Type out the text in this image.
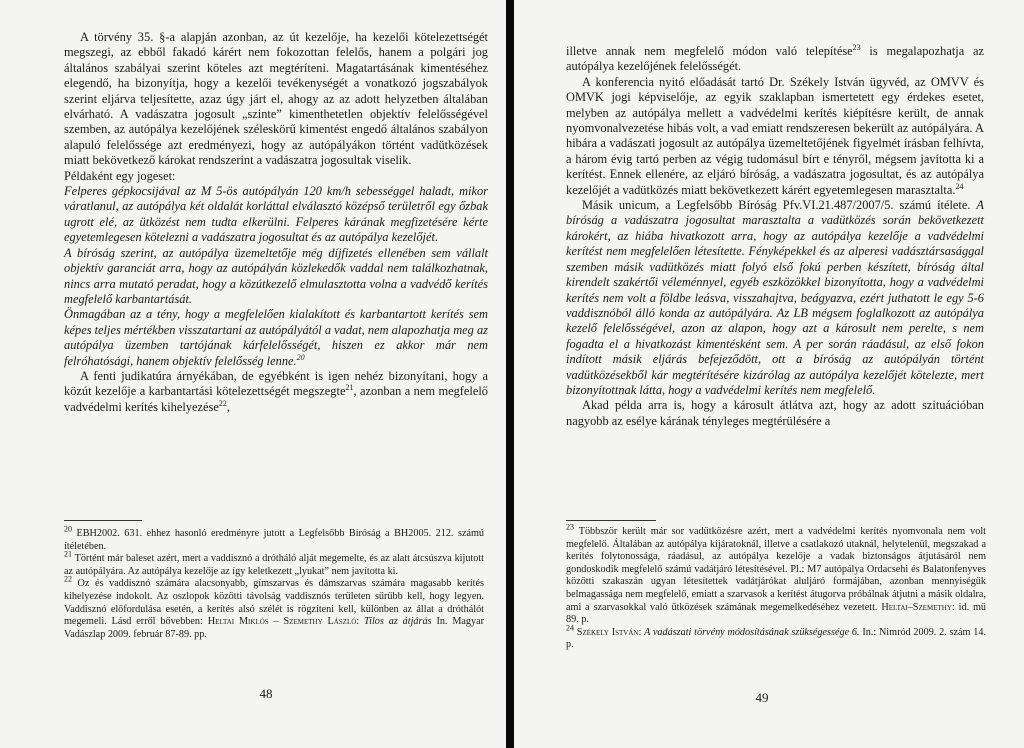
A törvény 35. §-a alapján azonban, az út kezelője, ha kezelői kötelezettségét megszegi, az ebből fakadó kárért nem fokozottan felelős, hanem a polgári jog általános szabályai szerint köteles azt megtéríteni. Magatartásának kimentéséhez elegendő, ha bizonyítja, hogy a kezelői tevékenységét a vonatkozó jogszabályok szerint eljárva teljesítette, azaz úgy járt el, ahogy az az adott helyzetben általában elvárható. A vadászatra jogosult „szinte” kimenthetetlen objektív felelősségével szemben, az autópálya kezelőjének széleskörű kimentést engedő általános szabályon alapuló felelőssége azt eredményezi, hogy az autópályákon történt vadütközések miatt bekövetkező károkat rendszerint a vadászatra jogosultak viselik.

Példaként egy jogeset:

Felperes gépkocsijával az M 5-ös autópályán 120 km/h sebességgel haladt, mikor váratlanul, az autópálya két oldalát korláttal elválasztó középső területről egy őzbak ugrott elé, az ütközést nem tudta elkerülni. Felperes kárának megfizetésére kérte egyetemlegesen kötelezni a vadászatra jogosultat és az autópálya kezelőjét.

A bíróság szerint, az autópálya üzemeltetője még díjfizetés ellenében sem vállalt objektív garanciát arra, hogy az autópályán közlekedők vaddal nem találkozhatnak, nincs arra mutató peradat, hogy a közútkezelő elmulasztotta volna a vadvédő kerítés megfelelő karbantartását.

Önmagában az a tény, hogy a megfelelően kialakított és karbantartott kerítés sem képes teljes mértékben visszatartani az autópályától a vadat, nem alapozhatja meg az autópálya üzemben tartójának kárfelelősségét, hiszen ez akkor már nem felróhatósági, hanem objektív felelősség lenne.$^{20}$

A fenti judikatúra árnyékában, de egyébként is igen nehéz bizonyítani, hogy a közút kezelője a karbantartási kötelezettségét megszegte$^{21}$, azonban a nem megfelelő vadvédelmi kerítés kihelyezése$^{22}$,

$^{20}$ EBH2002. 631. ehhez hasonló eredményre jutott a Legfelsőbb Bíróság a BH2005. 212. számú ítéletében.

$^{21}$ Történt már baleset azért, mert a vaddisznó a drótháló alját megemelte, és az alatt átcsúszva kijutott az autópályára. Az autópálya kezelője az így keletkezett „lyukat” nem javította ki.

$^{22}$ Oz és vaddisznó számára alacsonyabb, gímszarvas és dámszarvas számára magasabb kerítés kihelyezése indokolt. Az oszlopok közötti távolság vaddisznós területen sűrűbb kell, hogy legyen. Vaddisznó előfordulása esetén, a kerítés alsó szélét is rögzíteni kell, különben az állat a dróthálót megemeli. Lásd erről bővebben: Heltai Miklós – Szemethy László: Tilos az átjárás In. Magyar Vadászlap 2009. február 87-89. pp.

48

illetve annak nem megfelelő módon való telepítése$^{23}$ is megalapozhatja az autópálya kezelőjének felelősségét.

A konferencia nyitó előadását tartó Dr. Székely István ügyvéd, az OMVV és OMVK jogi képviselője, az egyik szaklapban ismertetett egy érdekes esetet, melyben az autópálya mellett a vadvédelmi kerítés kiépítésre került, de annak nyomvonalvezetése hibás volt, a vad emiatt rendszeresen bekerült az autópályára. A hibára a vadászati jogosult az autópálya üzemeltetőjének figyelmét írásban felhívta, a három évig tartó perben az végig tudomásul bírt e tényről, mégsem javította ki a kerítést. Ennek ellenére, az eljáró bíróság, a vadászatra jogosultat, és az autópálya kezelőjét a vadütközés miatt bekövetkezett kárért egyetemlegesen marasztalta.$^{24}$

Másik unicum, a Legfelsőbb Bíróság Pfv.VI.21.487/2007/5. számú ítélete. A bíróság a vadászatra jogosultat marasztalta a vadütközés során bekövetkezett károkért, az hiába hivatkozott arra, hogy az autópálya kezelője a vadvédelmi kerítést nem megfelelően létesítette. Fényképekkel és az alperesi vadásztársasággal szemben másik vadütközés miatt folyó első fokú perben készített, bíróság által kirendelt szakértői véleménnyel, egyéb eszközökkel bizonyította, hogy a vadvédelmi kerítés nem volt a földbe leásva, visszahajtva, beágyazva, ezért juthatott le egy 5-6 vaddisznóból álló konda az autópályára. Az LB mégsem foglalkozott az autópálya kezelő felelősségével, azon az alapon, hogy azt a károsult nem perelte, s nem fogadta el a hivatkozást kimentésként sem. A per során ráadásul, az első fokon indított másik eljárás befejeződött, ott a bíróság az autópályán történt vadütközésekből kár megtérítésére kizárólag az autópálya kezelőjét kötelezte, mert bizonyítottnak látta, hogy a vadvédelmi kerítés nem megfelelő.

Akad példa arra is, hogy a károsult átlátva azt, hogy az adott szituációban nagyobb az esélye kárának tényleges megtérülésére a

$^{23}$ Többször került már sor vadütközésre azért, mert a vadvédelmi kerítés nyomvonala nem volt megfelelő. Általában az autópálya kijáratoknál, illetve a csatlakozó utaknál, helytelenül, megszakad a kerítés folytonossága, ráadásul, az autópálya kezelője a vadak biztonságos átjutásáról nem gondoskodik megfelelő számú vadátjáró létesítésével. Pl.: M7 autópálya Ordacsehi és Balatonfenyves közötti szakaszán ugyan létesítettek vadátjárókat aluljáró formájában, azonban mennyiségük belmagassága nem megfelelő, emiatt a szarvasok a kerítést átugorva próbálnak átjutni a másik oldalra, ami a szarvasokkal való ütközések számának megemelkedéséhez vezetett. Heltai–Szemethy: id. mű 89. p.

$^{24}$ Székely István: A vadászati törvény módosításának szükségessége 6. In.: Nimród 2009. 2. szám 14. p.

49
